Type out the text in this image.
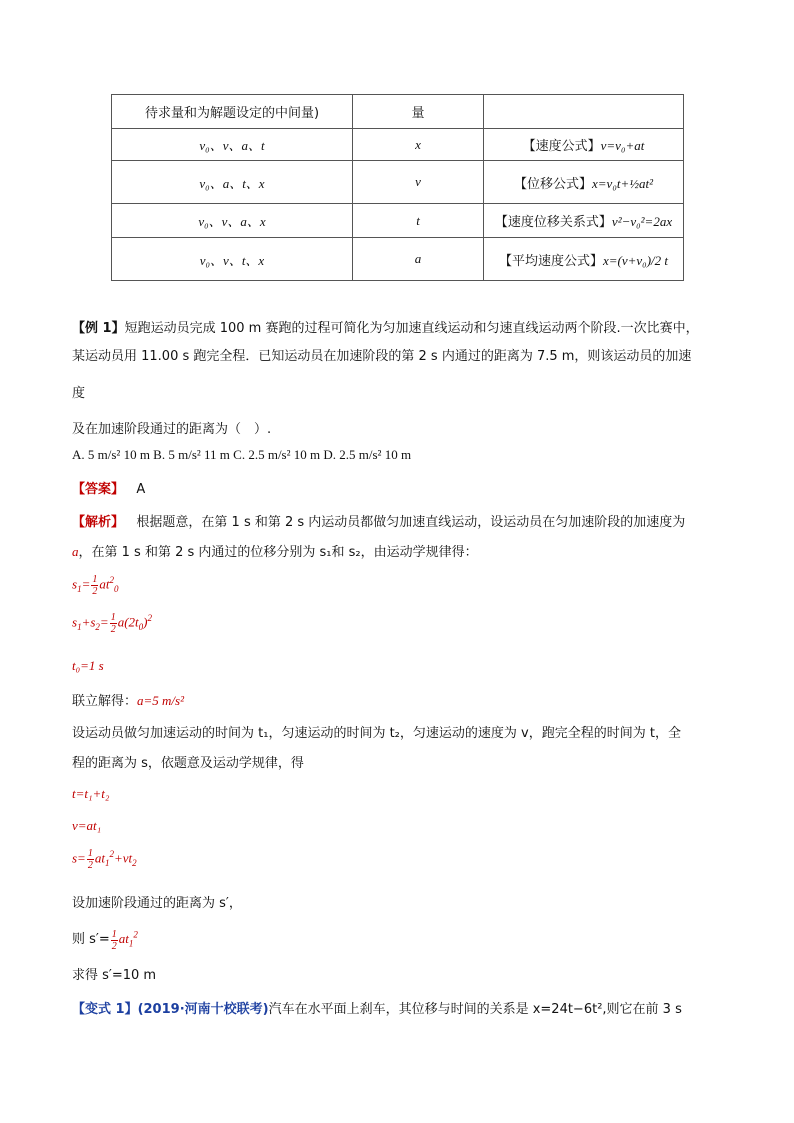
待求量和为解题设定的中间量)	量	
v₀、v、a、t	x	【速度公式】v=v₀+at
v₀、a、t、x	v	【位移公式】x=v₀t+½at²
v₀、v、a、x	t	【速度位移关系式】v²−v₀²=2ax
v₀、v、t、x	a	【平均速度公式】x=(v+v₀)/2 t
【例 1】短跑运动员完成 100 m 赛跑的过程可简化为匀加速直线运动和匀速直线运动两个阶段.一次比赛中，
某运动员用 11.00 s 跑完全程．已知运动员在加速阶段的第 2 s 内通过的距离为 7.5 m，则该运动员的加速
度
及在加速阶段通过的距离为（　）.
A. 5 m/s² 10 m B. 5 m/s² 11 m C. 2.5 m/s² 10 m D. 2.5 m/s² 10 m
【答案】 A
【解析】 根据题意，在第 1 s 和第 2 s 内运动员都做匀加速直线运动，设运动员在匀加速阶段的加速度为
a，在第 1 s 和第 2 s 内通过的位移分别为 s₁和 s₂，由运动学规律得：
$s_1= \frac{1}{2} at^2_0$
$s_1+s_2= \frac{1}{2} a(2t_0)^2$
t₀=1 s
联立解得：a=5 m/s²
设运动员做匀加速运动的时间为 t₁，匀速运动的时间为 t₂，匀速运动的速度为 v，跑完全程的时间为 t，全
程的距离为 s，依题意及运动学规律，得
t=t₁+t₂
v=at₁
$s= \frac{1}{2} at_1^2+vt_2$
设加速阶段通过的距离为 s′，
则 $s'= \frac{1}{2} at_1^2$
求得 s′=10 m
【变式 1】(2019·河南十校联考)汽车在水平面上刹车，其位移与时间的关系是 x=24t−6t²,则它在前 3 s
